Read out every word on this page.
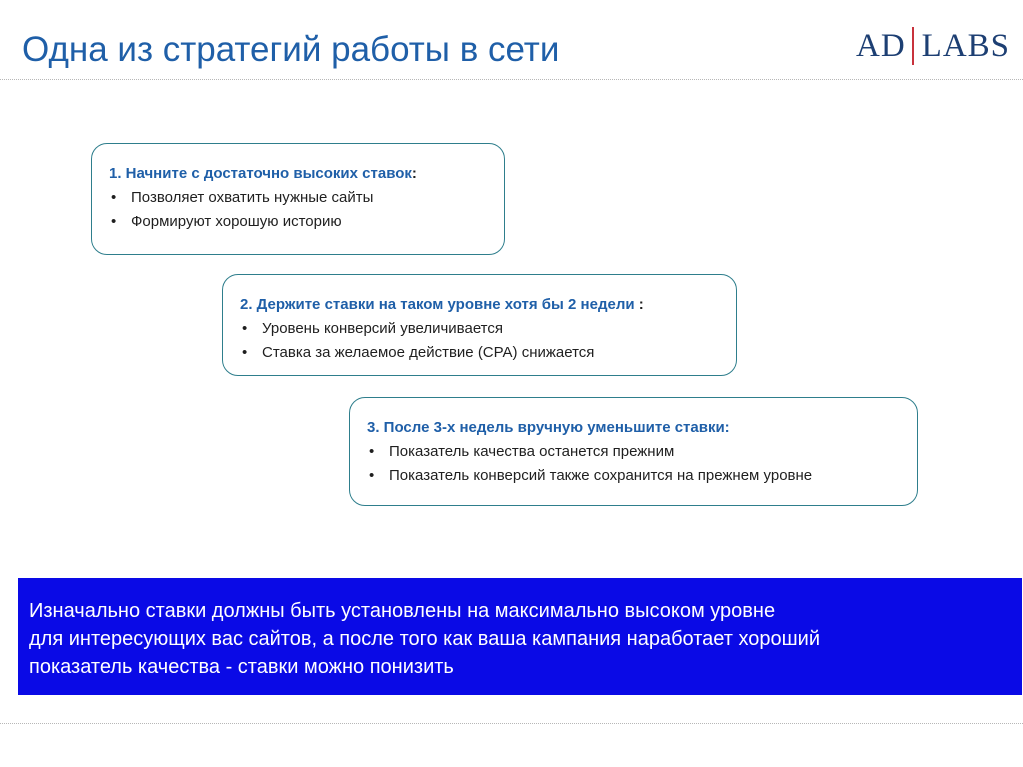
Одна из стратегий работы в сети	AD LABS
1. Начните с достаточно высоких ставок:
• Позволяет охватить нужные сайты
• Формируют хорошую историю
2. Держите ставки на таком уровне хотя бы 2 недели :
• Уровень конверсий увеличивается
• Ставка за желаемое действие (CPA) снижается
3. После 3-х недель вручную уменьшите ставки:
• Показатель качества останется прежним
• Показатель конверсий также сохранится на прежнем уровне
Изначально ставки должны быть установлены на максимально высоком уровне
для интересующих вас сайтов, а после того как ваша кампания наработает хороший
показатель качества - ставки можно понизить
